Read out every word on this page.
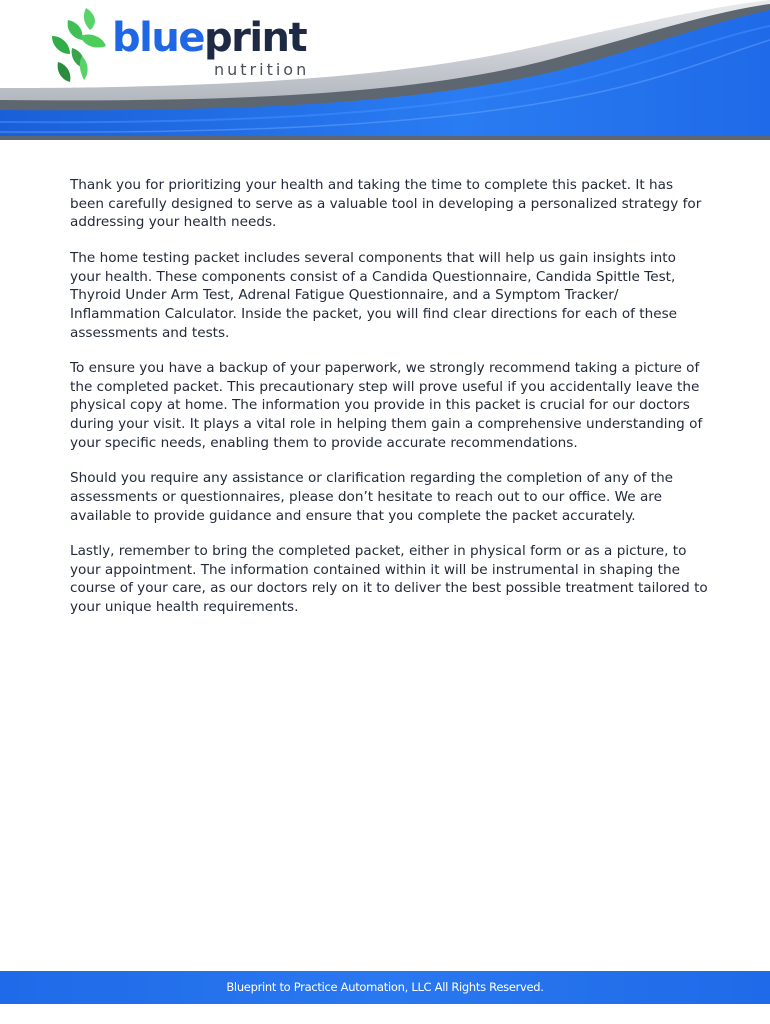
blueprint
nutrition

Thank you for prioritizing your health and taking the time to complete this packet. It has been carefully designed to serve as a valuable tool in developing a personalized strategy for addressing your health needs.

The home testing packet includes several components that will help us gain insights into your health. These components consist of a Candida Questionnaire, Candida Spittle Test, Thyroid Under Arm Test, Adrenal Fatigue Questionnaire, and a Symptom Tracker/ Inflammation Calculator. Inside the packet, you will find clear directions for each of these assessments and tests.

To ensure you have a backup of your paperwork, we strongly recommend taking a picture of the completed packet. This precautionary step will prove useful if you accidentally leave the physical copy at home. The information you provide in this packet is crucial for our doctors during your visit. It plays a vital role in helping them gain a comprehensive understanding of your specific needs, enabling them to provide accurate recommendations.

Should you require any assistance or clarification regarding the completion of any of the assessments or questionnaires, please don’t hesitate to reach out to our office. We are available to provide guidance and ensure that you complete the packet accurately.

Lastly, remember to bring the completed packet, either in physical form or as a picture, to your appointment. The information contained within it will be instrumental in shaping the course of your care, as our doctors rely on it to deliver the best possible treatment tailored to your unique health requirements.

Blueprint to Practice Automation, LLC All Rights Reserved.
